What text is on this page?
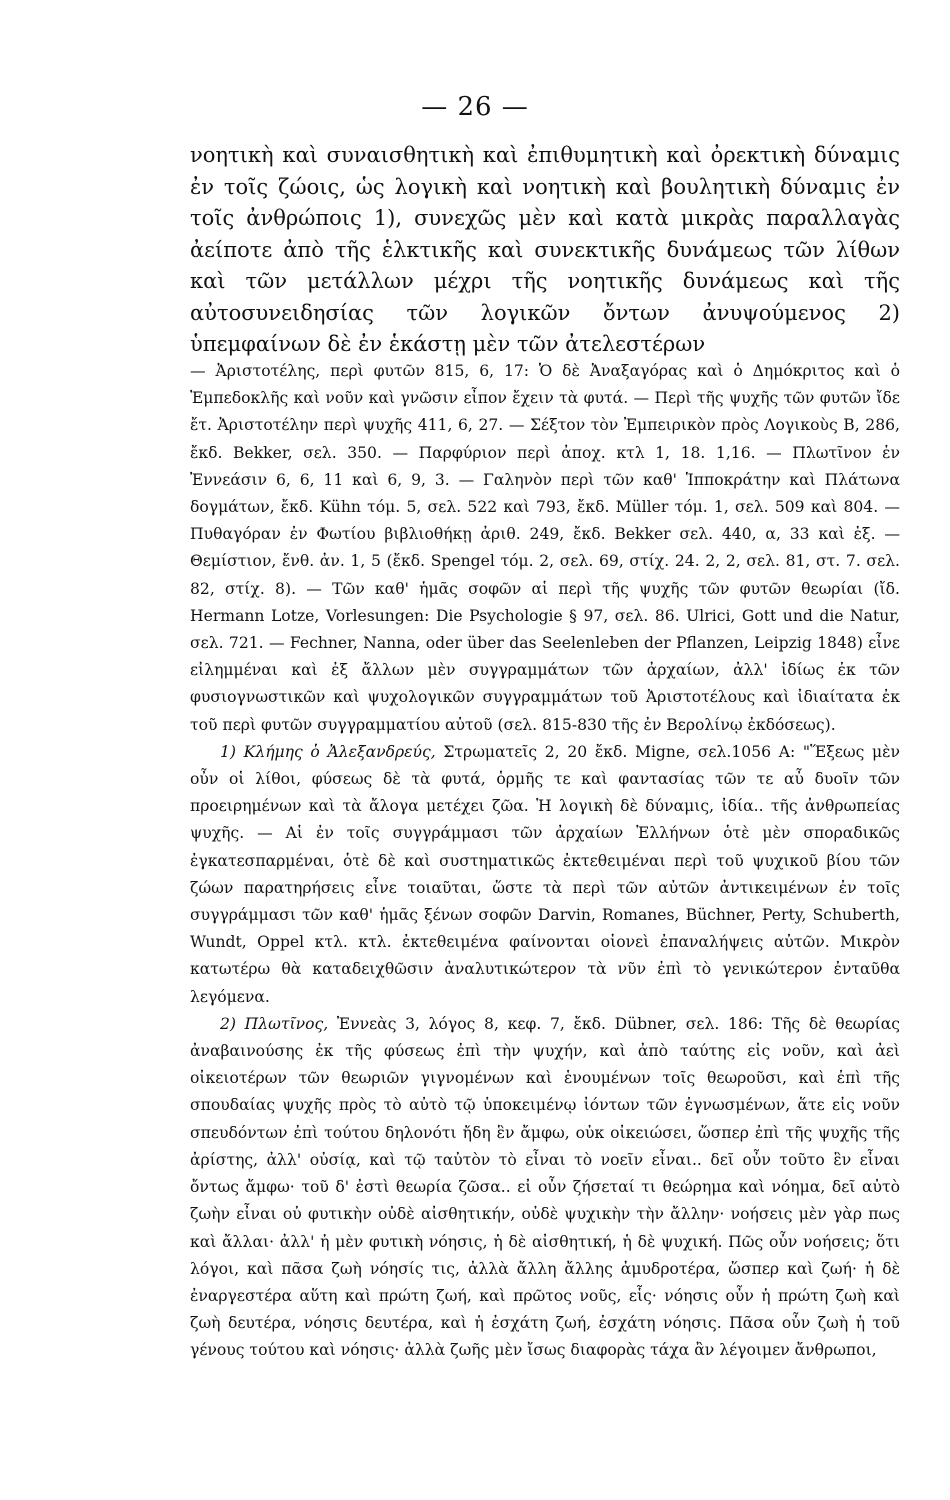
— 26 —

νοητικὴ καὶ συναισθητικὴ καὶ ἐπιθυμητικὴ καὶ ὀρεκτικὴ δύναμις ἐν τοῖς ζώοις, ὡς λογικὴ καὶ νοητικὴ καὶ βουλητικὴ δύναμις ἐν τοῖς ἀνθρώποις 1), συνεχῶς μὲν καὶ κατὰ μικρὰς παραλλαγὰς ἀείποτε ἀπὸ τῆς ἑλκτικῆς καὶ συνεκτικῆς δυνάμεως τῶν λίθων καὶ τῶν μετάλλων μέχρι τῆς νοητικῆς δυνάμεως καὶ τῆς αὐτοσυνειδησίας τῶν λογικῶν ὄντων ἀνυψούμενος 2) ὑπεμφαίνων δὲ ἐν ἑκάστῃ μὲν τῶν ἀτελεστέρων

— Ἀριστοτέλης, περὶ φυτῶν 815, 6, 17: Ὁ δὲ Ἀναξαγόρας καὶ ὁ Δημόκριτος καὶ ὁ Ἐμπεδοκλῆς καὶ νοῦν καὶ γνῶσιν εἶπον ἔχειν τὰ φυτά. — Περὶ τῆς ψυχῆς τῶν φυτῶν ἴδε ἔτ. Ἀριστοτέλην περὶ ψυχῆς 411, 6, 27. — Σέξτον τὸν Ἐμπειρικὸν πρὸς Λογικοὺς Β, 286, ἔκδ. Bekker, σελ. 350. — Παρφύριον περὶ ἀποχ. κτλ 1, 18. 1,16. — Πλωτῖνον ἐν Ἐννεάσιν 6, 6, 11 καὶ 6, 9, 3. — Γαληνὸν περὶ τῶν καθ' Ἱπποκράτην καὶ Πλάτωνα δογμάτων, ἔκδ. Kühn τόμ. 5, σελ. 522 καὶ 793, ἔκδ. Müller τόμ. 1, σελ. 509 καὶ 804. — Πυθαγόραν ἐν Φωτίου βιβλιοθήκῃ ἀριθ. 249, ἔκδ. Bekker σελ. 440, α, 33 καὶ ἑξ. — Θεμίστιον, ἔνθ. ἀν. 1, 5 (ἔκδ. Spengel τόμ. 2, σελ. 69, στίχ. 24. 2, 2, σελ. 81, στ. 7. σελ. 82, στίχ. 8). — Τῶν καθ' ἡμᾶς σοφῶν αἱ περὶ τῆς ψυχῆς τῶν φυτῶν θεωρίαι (ἴδ. Hermann Lotze, Vorlesungen: Die Psychologie § 97, σελ. 86. Ulrici, Gott und die Natur, σελ. 721. — Fechner, Nanna, oder über das Seelenleben der Pflanzen, Leipzig 1848) εἶνε εἰλημμέναι καὶ ἐξ ἄλλων μὲν συγγραμμάτων τῶν ἀρχαίων, ἀλλ' ἰδίως ἐκ τῶν φυσιογνωστικῶν καὶ ψυχολογικῶν συγγραμμάτων τοῦ Ἀριστοτέλους καὶ ἰδιαίτατα ἐκ τοῦ περὶ φυτῶν συγγραμματίου αὐτοῦ (σελ. 815-830 τῆς ἐν Βερολίνῳ ἐκδόσεως).

1) Κλήμης ὁ Ἀλεξανδρεύς, Στρωματεῖς 2, 20 ἔκδ. Migne, σελ.1056 Α: "Ἕξεως μὲν οὖν οἱ λίθοι, φύσεως δὲ τὰ φυτά, ὁρμῆς τε καὶ φαντασίας τῶν τε αὖ δυοῖν τῶν προειρημένων καὶ τὰ ἄλογα μετέχει ζῶα. Ἡ λογικὴ δὲ δύναμις, ἰδία.. τῆς ἀνθρωπείας ψυχῆς. — Αἱ ἐν τοῖς συγγράμμασι τῶν ἀρχαίων Ἑλλήνων ὁτὲ μὲν σποραδικῶς ἐγκατεσπαρμέναι, ὁτὲ δὲ καὶ συστηματικῶς ἐκτεθειμέναι περὶ τοῦ ψυχικοῦ βίου τῶν ζώων παρατηρήσεις εἶνε τοιαῦται, ὥστε τὰ περὶ τῶν αὐτῶν ἀντικειμένων ἐν τοῖς συγγράμμασι τῶν καθ' ἡμᾶς ξένων σοφῶν Darvin, Romanes, Büchner, Perty, Schuberth, Wundt, Oppel κτλ. κτλ. ἐκτεθειμένα φαίνονται οἱονεὶ ἐπαναλήψεις αὐτῶν. Μικρὸν κατωτέρω θὰ καταδειχθῶσιν ἀναλυτικώτερον τὰ νῦν ἐπὶ τὸ γενικώτερον ἐνταῦθα λεγόμενα.

2) Πλωτῖνος, Ἐννεὰς 3, λόγος 8, κεφ. 7, ἔκδ. Dübner, σελ. 186: Τῆς δὲ θεωρίας ἀναβαινούσης ἐκ τῆς φύσεως ἐπὶ τὴν ψυχήν, καὶ ἀπὸ ταύτης εἰς νοῦν, καὶ ἀεὶ οἰκειοτέρων τῶν θεωριῶν γιγνομένων καὶ ἑνουμένων τοῖς θεωροῦσι, καὶ ἐπὶ τῆς σπουδαίας ψυχῆς πρὸς τὸ αὐτὸ τῷ ὑποκειμένῳ ἰόντων τῶν ἐγνωσμένων, ἅτε εἰς νοῦν σπευδόντων ἐπὶ τούτου δηλονότι ἤδη ἓν ἄμφω, οὐκ οἰκειώσει, ὥσπερ ἐπὶ τῆς ψυχῆς τῆς ἀρίστης, ἀλλ' οὐσίᾳ, καὶ τῷ ταὐτὸν τὸ εἶναι τὸ νοεῖν εἶναι.. δεῖ οὖν τοῦτο ἓν εἶναι ὄντως ἄμφω· τοῦ δ' ἐστὶ θεωρία ζῶσα.. εἰ οὖν ζήσεταί τι θεώρημα καὶ νόημα, δεῖ αὐτὸ ζωὴν εἶναι οὐ φυτικὴν οὐδὲ αἰσθητικήν, οὐδὲ ψυχικὴν τὴν ἄλλην· νοήσεις μὲν γὰρ πως καὶ ἄλλαι· ἀλλ' ἡ μὲν φυτικὴ νόησις, ἡ δὲ αἰσθητική, ἡ δὲ ψυχική. Πῶς οὖν νοήσεις; ὅτι λόγοι, καὶ πᾶσα ζωὴ νόησίς τις, ἀλλὰ ἄλλη ἄλλης ἀμυδροτέρα, ὥσπερ καὶ ζωή· ἡ δὲ ἐναργεστέρα αὕτη καὶ πρώτη ζωή, καὶ πρῶτος νοῦς, εἷς· νόησις οὖν ἡ πρώτη ζωὴ καὶ ζωὴ δευτέρα, νόησις δευτέρα, καὶ ἡ ἐσχάτη ζωή, ἐσχάτη νόησις. Πᾶσα οὖν ζωὴ ἡ τοῦ γένους τούτου καὶ νόησις· ἀλλὰ ζωῆς μὲν ἴσως διαφορὰς τάχα ἂν λέγοιμεν ἄνθρωποι,
